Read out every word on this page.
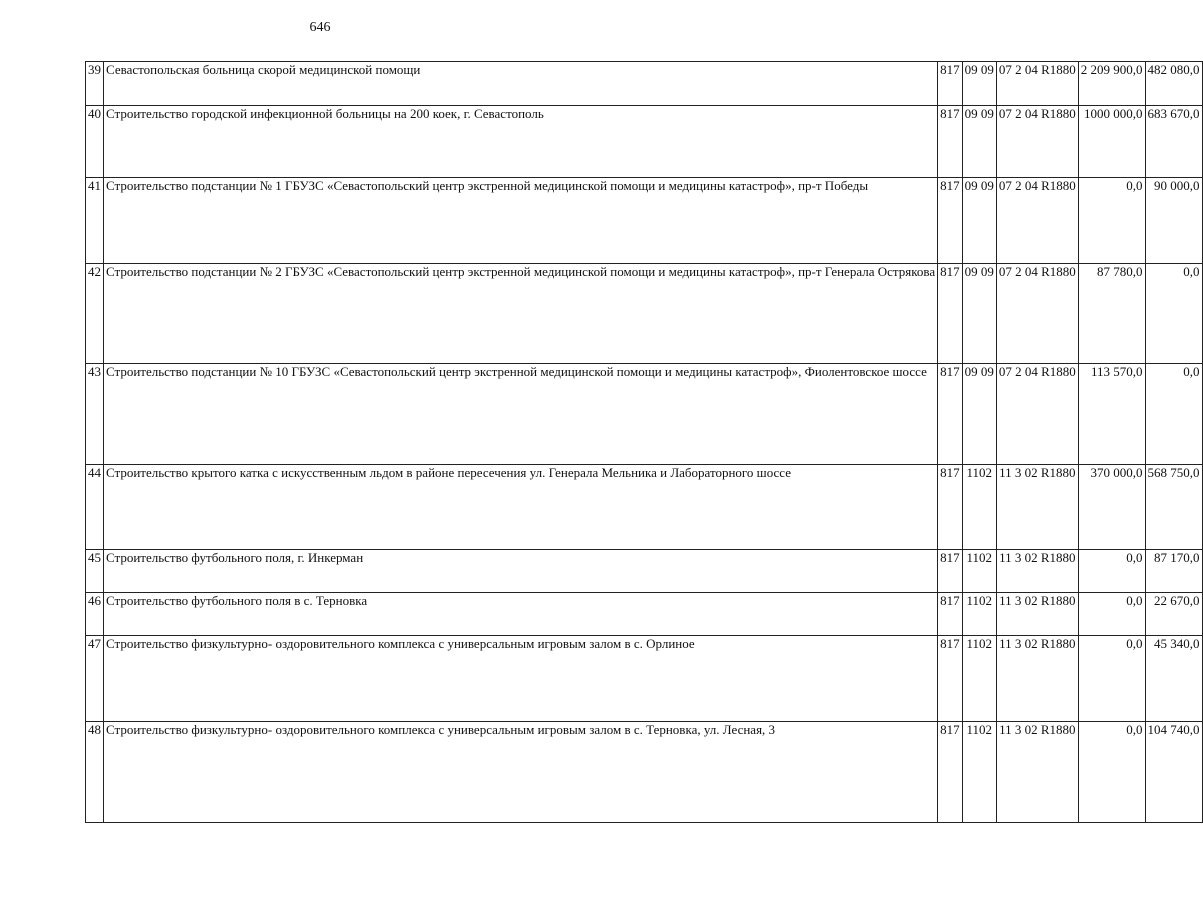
646
39	Севастопольская больница скорой медицинской помощи	817	09 09	07 2 04 R1880	2 209 900,0	482 080,0
40	Строительство городской инфекционной больницы на 200 коек, г. Севастополь	817	09 09	07 2 04 R1880	1000 000,0	683 670,0
41	Строительство подстанции № 1 ГБУЗС «Севастопольский центр экстренной медицинской помощи и медицины катастроф», пр-т Победы	817	09 09	07 2 04 R1880	0,0	90 000,0
42	Строительство подстанции № 2 ГБУЗС «Севастопольский центр экстренной медицинской помощи и медицины катастроф», пр-т Генерала Острякова	817	09 09	07 2 04 R1880	87 780,0	0,0
43	Строительство подстанции № 10 ГБУЗС «Севастопольский центр экстренной медицинской помощи и медицины катастроф», Фиолентовское шоссе	817	09 09	07 2 04 R1880	113 570,0	0,0
44	Строительство крытого катка с искусственным льдом в районе пересечения ул. Генерала Мельника и Лабораторного шоссе	817	1102	11 3 02 R1880	370 000,0	568 750,0
45	Строительство футбольного поля, г. Инкерман	817	1102	11 3 02 R1880	0,0	87 170,0
46	Строительство футбольного поля в с. Терновка	817	1102	11 3 02 R1880	0,0	22 670,0
47	Строительство физкультурно- оздоровительного комплекса с универсальным игровым залом в с. Орлиное	817	1102	11 3 02 R1880	0,0	45 340,0
48	Строительство физкультурно- оздоровительного комплекса с универсальным игровым залом в с. Терновка, ул. Лесная, 3	817	1102	11 3 02 R1880	0,0	104 740,0
